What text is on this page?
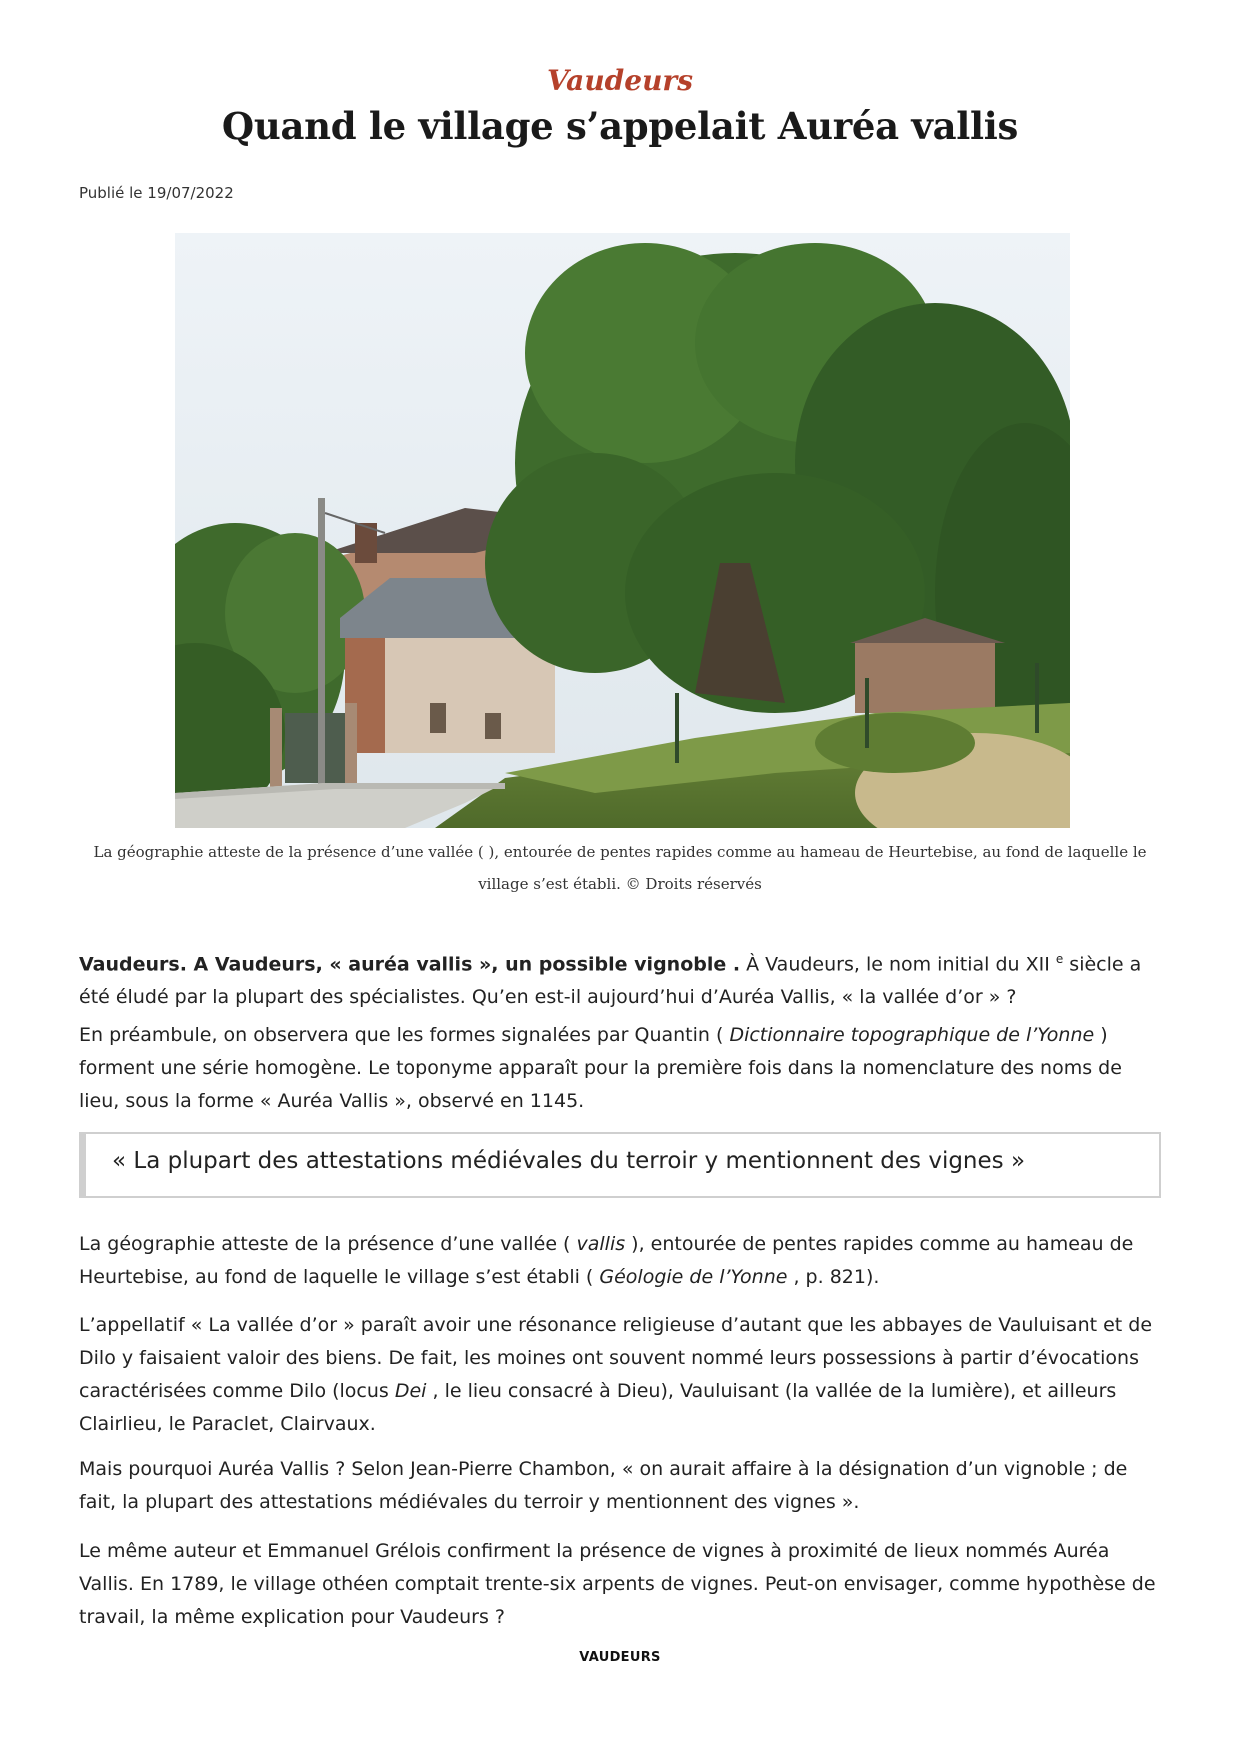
Vaudeurs
Quand le village s’appelait Auréa vallis
Publié le 19/07/2022
La géographie atteste de la présence d’une vallée ( ), entourée de pentes rapides comme au hameau de Heurtebise, au fond de laquelle le
village s’est établi. © Droits réservés

Vaudeurs. A Vaudeurs, « auréa vallis », un possible vignoble . À Vaudeurs, le nom initial du XII $^e$ siècle a été éludé par la plupart des spécialistes. Qu’en est-il aujourd’hui d’Auréa Vallis, « la vallée d’or » ?

En préambule, on observera que les formes signalées par Quantin ( Dictionnaire topographique de l’Yonne ) forment une série homogène. Le toponyme apparaît pour la première fois dans la nomenclature des noms de lieu, sous la forme « Auréa Vallis », observé en 1145.

« La plupart des attestations médiévales du terroir y mentionnent des vignes »

La géographie atteste de la présence d’une vallée ( vallis ), entourée de pentes rapides comme au hameau de Heurtebise, au fond de laquelle le village s’est établi ( Géologie de l’Yonne , p. 821).

L’appellatif « La vallée d’or » paraît avoir une résonance religieuse d’autant que les abbayes de Vauluisant et de Dilo y faisaient valoir des biens. De fait, les moines ont souvent nommé leurs possessions à partir d’évocations caractérisées comme Dilo (locus Dei , le lieu consacré à Dieu), Vauluisant (la vallée de la lumière), et ailleurs Clairlieu, le Paraclet, Clairvaux.

Mais pourquoi Auréa Vallis ? Selon Jean-Pierre Chambon, « on aurait affaire à la désignation d’un vignoble ; de fait, la plupart des attestations médiévales du terroir y mentionnent des vignes ».

Le même auteur et Emmanuel Grélois confirment la présence de vignes à proximité de lieux nommés Auréa Vallis. En 1789, le village othéen comptait trente-six arpents de vignes. Peut-on envisager, comme hypothèse de travail, la même explication pour Vaudeurs ?

VAUDEURS
